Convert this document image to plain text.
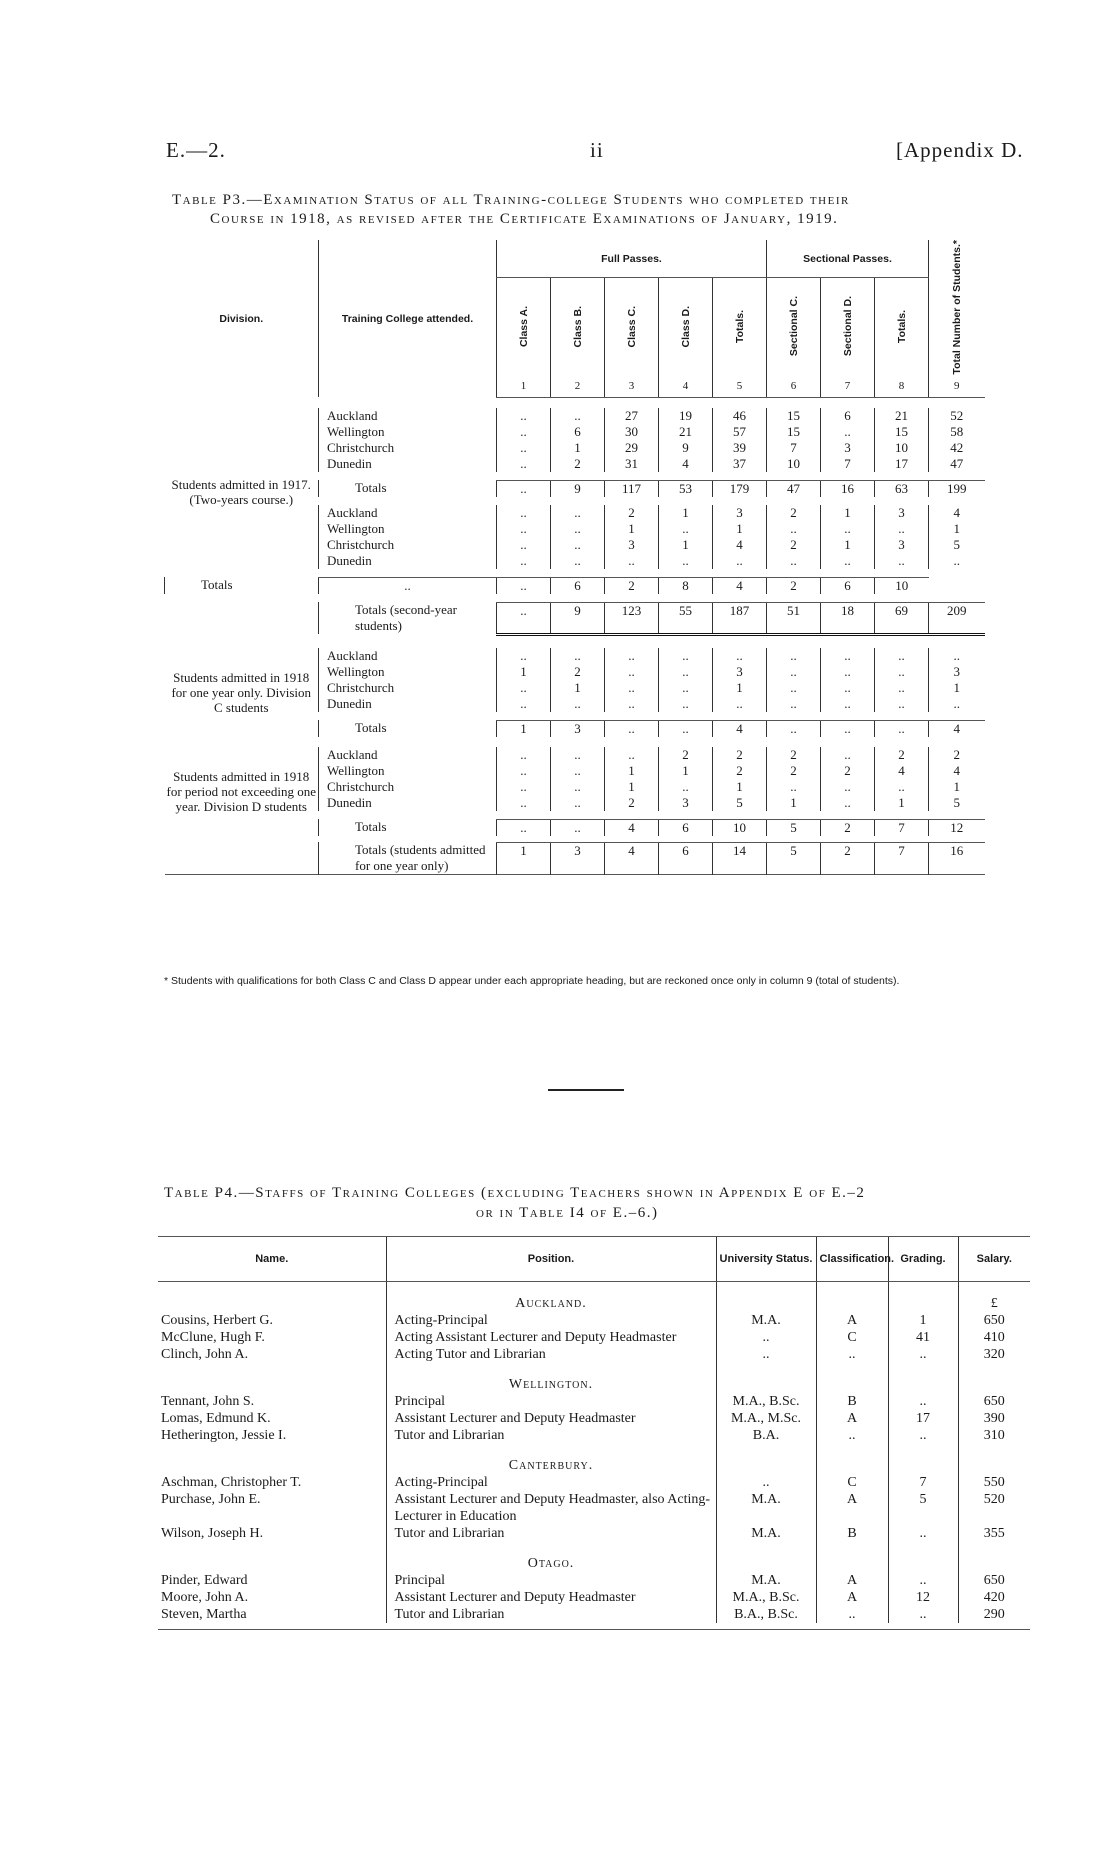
E.—2.	ii	[Appendix D.
Table P3.—Examination Status of all Training-college Students who completed their
Course in 1918, as revised after the Certificate Examinations of January, 1919.
Division.	Training College attended.	Full Passes.					Sectional Passes.			Total Number of Students.*

		Class A.	Class B.	Class C.	Class D.	Totals.	Sectional C.	Sectional D.	Totals.	

		1	2	3	4	5	6	7	8	9

Students admitted in 1917. (Two-years course.)	Auckland	..	..	27	19	46	15	6	21	52
	Wellington	..	6	30	21	57	15	..	15	58
	Christchurch	..	1	29	9	39	7	3	10	42
	Dunedin	..	2	31	4	37	10	7	17	47

	Totals	..	9	117	53	179	47	16	63	199

	Auckland	..	..	2	1	3	2	1	3	4
	Wellington	..	..	1	..	1	..	..	..	1
	Christchurch	..	..	3	1	4	2	1	3	5
	Dunedin	..	..	..	..	..	..	..	..	..

Totals	..	..	6	2	8	4	2	6	10	

	Totals (second-year students)	..	9	123	55	187	51	18	69	209

Students admitted in 1918 for one year only. Division C students	Auckland	..	..	..	..	..	..	..	..	..
	Wellington	1	2	..	..	3	..	..	..	3
	Christchurch	..	1	..	..	1	..	..	..	1
	Dunedin	..	..	..	..	..	..	..	..	..

	Totals	1	3	..	..	4	..	..	..	4

Students admitted in 1918 for period not exceeding one year. Division D students	Auckland	..	..	..	2	2	2	..	2	2
	Wellington	..	..	1	1	2	2	2	4	4
	Christchurch	..	..	1	..	1	..	..	..	1
	Dunedin	..	..	2	3	5	1	..	1	5

	Totals	..	..	4	6	10	5	2	7	12

	Totals (students admitted for one year only)	1	3	4	6	14	5	2	7	16

* Students with qualifications for both Class C and Class D appear under each appropriate heading, but are reckoned once only in column 9 (total of students).
Table P4.—Staffs of Training Colleges (excluding Teachers shown in Appendix E of E.–2
or in Table I4 of E.–6.)
Name.	Position.	University Status.	Classification.	Grading.	Salary.
	Auckland.				£
Cousins, Herbert G.	Acting-Principal	M.A.	A	1	650
McClune, Hugh F.	Acting Assistant Lecturer and Deputy Headmaster	..	C	41	410
Clinch, John A.	Acting Tutor and Librarian	..	..	..	320
	Wellington.				
Tennant, John S.	Principal	M.A., B.Sc.	B	..	650
Lomas, Edmund K.	Assistant Lecturer and Deputy Headmaster	M.A., M.Sc.	A	17	390
Hetherington, Jessie I.	Tutor and Librarian	B.A.	..	..	310
	Canterbury.				
Aschman, Christopher T.	Acting-Principal	..	C	7	550
Purchase, John E.	Assistant Lecturer and Deputy Headmaster, also Acting-Lecturer in Education	M.A.	A	5	520
Wilson, Joseph H.	Tutor and Librarian	M.A.	B	..	355
	Otago.				
Pinder, Edward	Principal	M.A.	A	..	650
Moore, John A.	Assistant Lecturer and Deputy Headmaster	M.A., B.Sc.	A	12	420
Steven, Martha	Tutor and Librarian	B.A., B.Sc.	..	..	290
